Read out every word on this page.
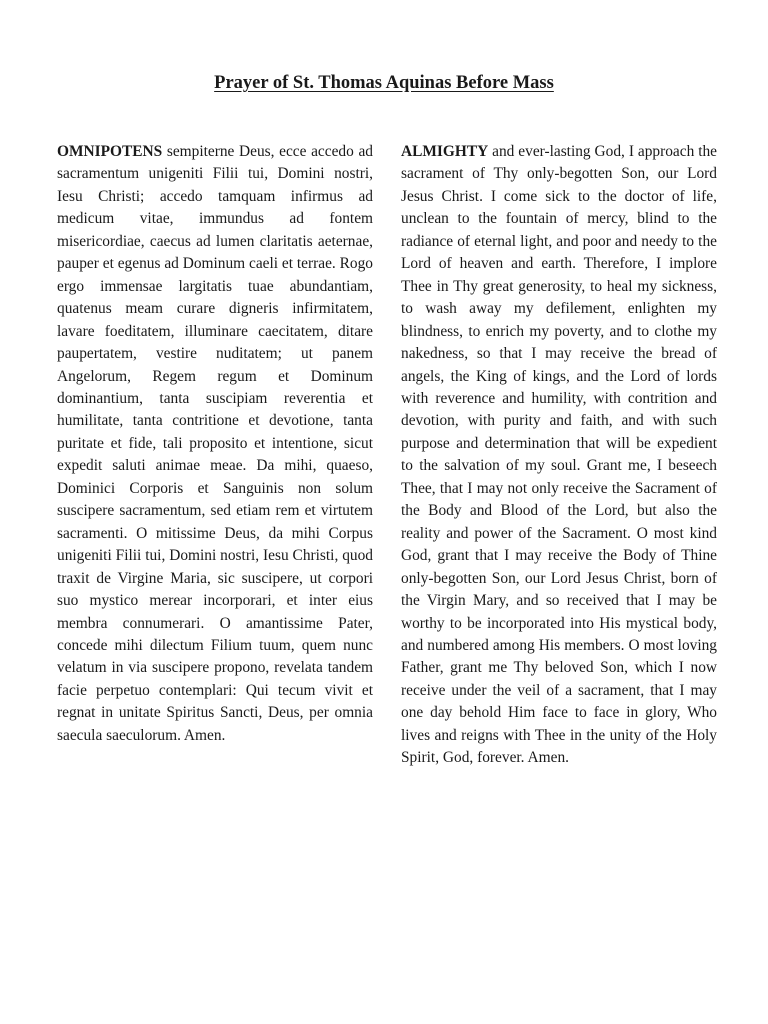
Prayer of St. Thomas Aquinas Before Mass

OMNIPOTENS sempiterne Deus, ecce accedo ad sacramentum unigeniti Filii tui, Domini nostri, Iesu Christi; accedo tamquam infirmus ad medicum vitae, immundus ad fontem misericordiae, caecus ad lumen claritatis aeternae, pauper et egenus ad Dominum caeli et terrae. Rogo ergo immensae largitatis tuae abundantiam, quatenus meam curare digneris infirmitatem, lavare foeditatem, illuminare caecitatem, ditare paupertatem, vestire nuditatem; ut panem Angelorum, Regem regum et Dominum dominantium, tanta suscipiam reverentia et humilitate, tanta contritione et devotione, tanta puritate et fide, tali proposito et intentione, sicut expedit saluti animae meae. Da mihi, quaeso, Dominici Corporis et Sanguinis non solum suscipere sacramentum, sed etiam rem et virtutem sacramenti. O mitissime Deus, da mihi Corpus unigeniti Filii tui, Domini nostri, Iesu Christi, quod traxit de Virgine Maria, sic suscipere, ut corpori suo mystico merear incorporari, et inter eius membra connumerari. O amantissime Pater, concede mihi dilectum Filium tuum, quem nunc velatum in via suscipere propono, revelata tandem facie perpetuo contemplari: Qui tecum vivit et regnat in unitate Spiritus Sancti, Deus, per omnia saecula saeculorum. Amen.

ALMIGHTY and ever-lasting God, I approach the sacrament of Thy only-begotten Son, our Lord Jesus Christ. I come sick to the doctor of life, unclean to the fountain of mercy, blind to the radiance of eternal light, and poor and needy to the Lord of heaven and earth. Therefore, I implore Thee in Thy great generosity, to heal my sickness, to wash away my defilement, enlighten my blindness, to enrich my poverty, and to clothe my nakedness, so that I may receive the bread of angels, the King of kings, and the Lord of lords with reverence and humility, with contrition and devotion, with purity and faith, and with such purpose and determination that will be expedient to the salvation of my soul. Grant me, I beseech Thee, that I may not only receive the Sacrament of the Body and Blood of the Lord, but also the reality and power of the Sacrament. O most kind God, grant that I may receive the Body of Thine only-begotten Son, our Lord Jesus Christ, born of the Virgin Mary, and so received that I may be worthy to be incorporated into His mystical body, and numbered among His members. O most loving Father, grant me Thy beloved Son, which I now receive under the veil of a sacrament, that I may one day behold Him face to face in glory, Who lives and reigns with Thee in the unity of the Holy Spirit, God, forever. Amen.
